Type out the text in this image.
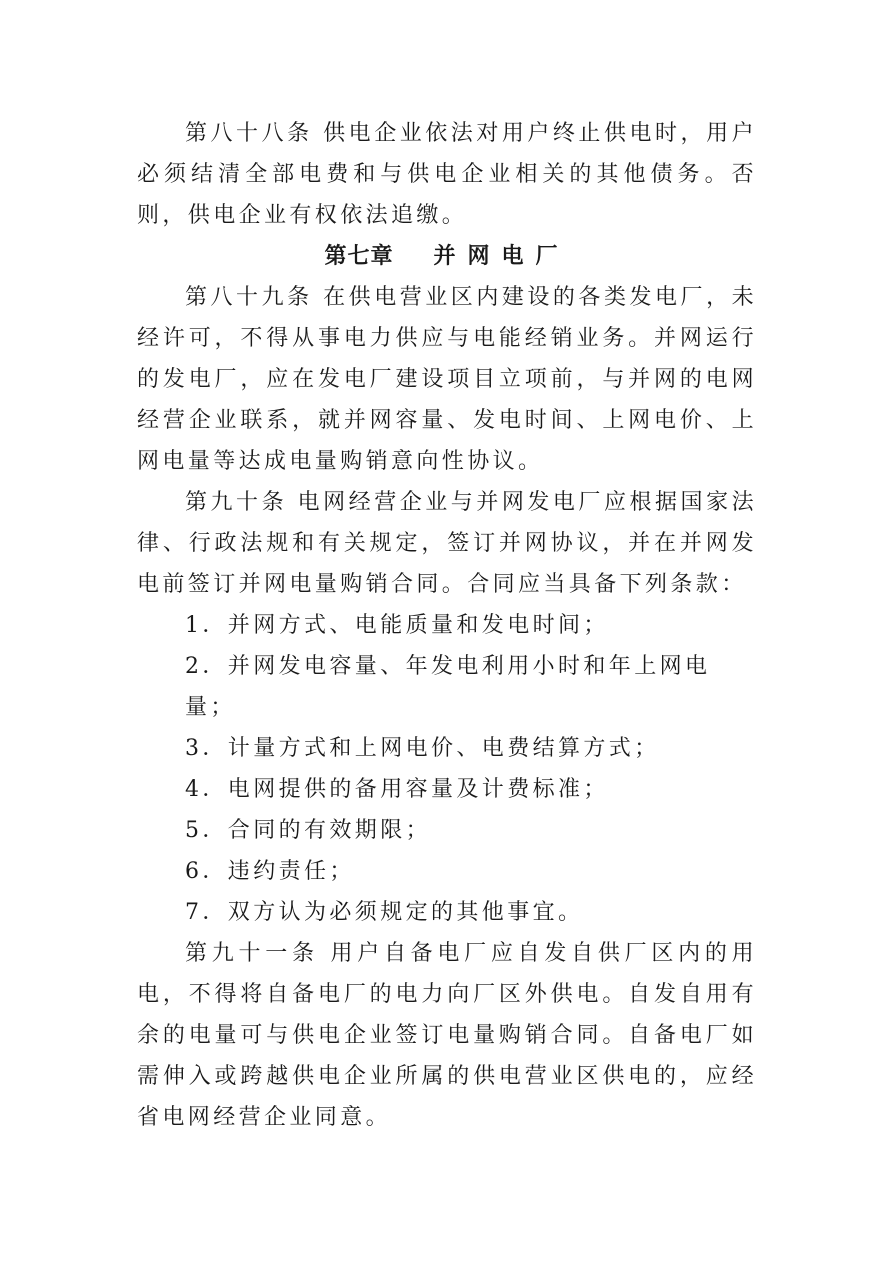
第八十八条 供电企业依法对用户终止供电时，用户必须结清全部电费和与供电企业相关的其他债务。否则，供电企业有权依法追缴。

第七章 并网电厂

第八十九条 在供电营业区内建设的各类发电厂，未经许可，不得从事电力供应与电能经销业务。并网运行的发电厂，应在发电厂建设项目立项前，与并网的电网经营企业联系，就并网容量、发电时间、上网电价、上网电量等达成电量购销意向性协议。

第九十条 电网经营企业与并网发电厂应根据国家法律、行政法规和有关规定，签订并网协议，并在并网发电前签订并网电量购销合同。合同应当具备下列条款：

1．并网方式、电能质量和发电时间；

2．并网发电容量、年发电利用小时和年上网电量；

3．计量方式和上网电价、电费结算方式；

4．电网提供的备用容量及计费标准；

5．合同的有效期限；

6．违约责任；

7．双方认为必须规定的其他事宜。

第九十一条 用户自备电厂应自发自供厂区内的用电，不得将自备电厂的电力向厂区外供电。自发自用有余的电量可与供电企业签订电量购销合同。自备电厂如需伸入或跨越供电企业所属的供电营业区供电的，应经省电网经营企业同意。
